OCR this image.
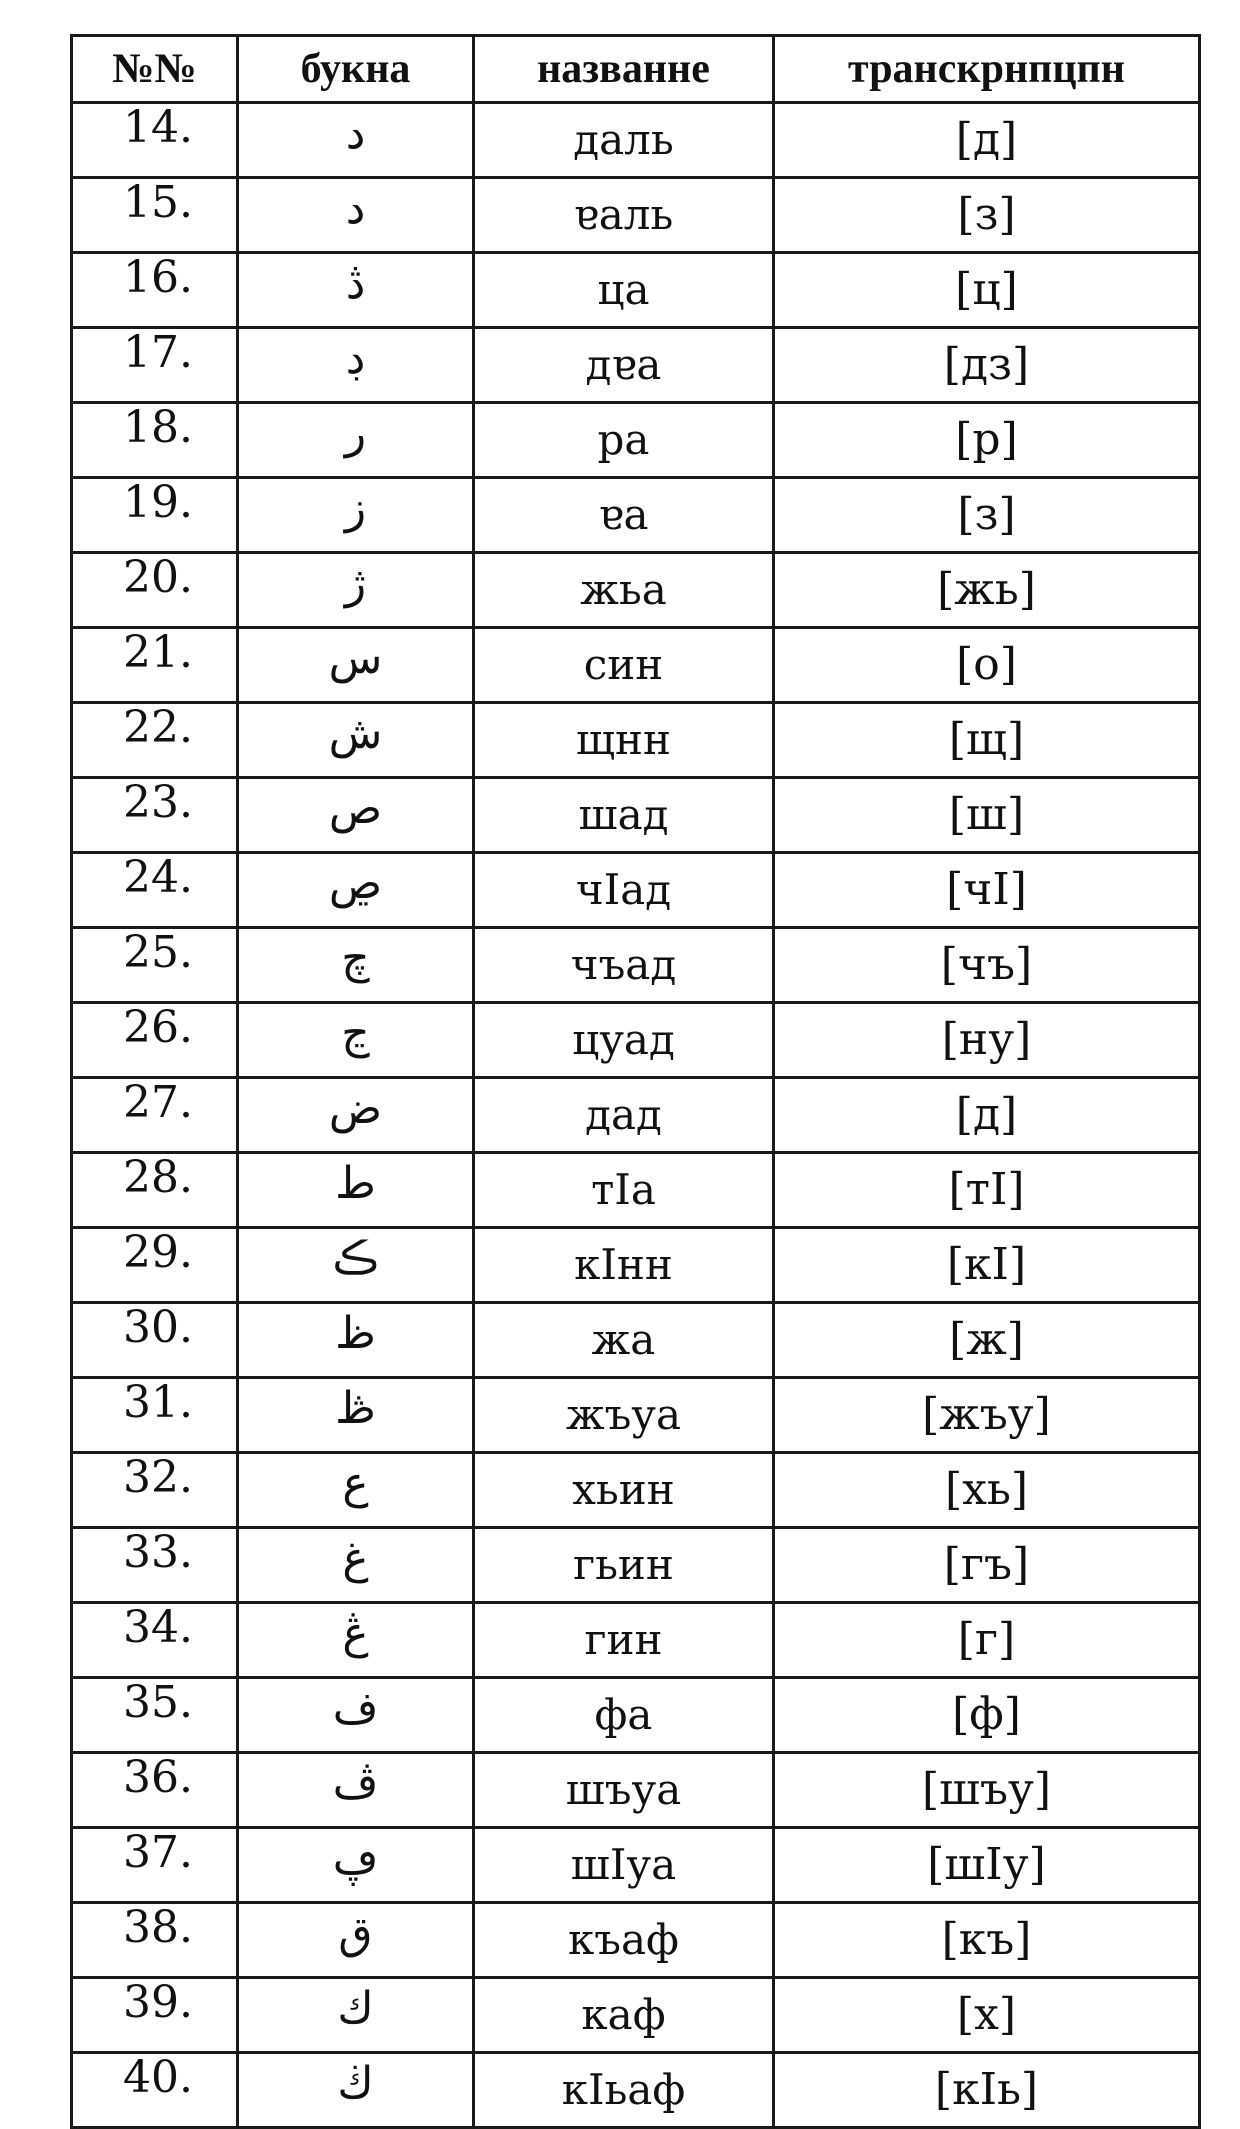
№№	букна	названне	транскрнпцпн
14.	د	даль	[д]
15.	د	ɐаль	[з]
16.	ڎ	ца	[ц]
17.	ڊ	дɐа	[дз]
18.	ر	ра	[р]
19.	ز	ɐа	[з]
20.	ژ	жьа	[жь]
21.	س	син	[о]
22.	ش	щнн	[щ]
23.	ص	шад	[ш]
24.	ڝ	чӀад	[чӀ]
25.	چ	чъад	[чъ]
26.	ڃ	цуад	[ну]
27.	ض	дад	[д]
28.	ط	тӀа	[тӀ]
29.	ڪ	кӀнн	[кӀ]
30.	ظ	жа	[ж]
31.	ڟ	жъуа	[жъу]
32.	ع	хьин	[хь]
33.	غ	гьин	[гъ]
34.	ڠ	гин	[г]
35.	ف	фа	[ф]
36.	ڤ	шъуа	[шъу]
37.	ڥ	шӀуа	[шӀу]
38.	ق	къаф	[къ]
39.	ك	каф	[х]
40.	ڬ	кӀьаф	[кӀь]
